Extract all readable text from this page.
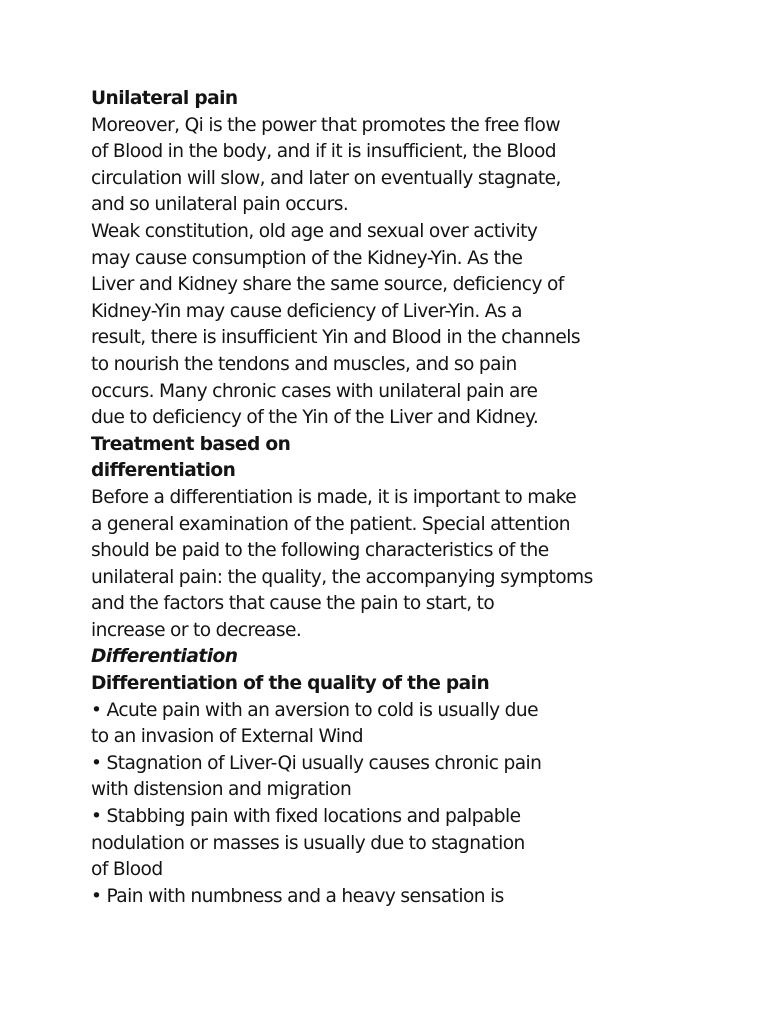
Unilateral pain
Moreover, Qi is the power that promotes the free flow
of Blood in the body, and if it is insufficient, the Blood
circulation will slow, and later on eventually stagnate,
and so unilateral pain occurs.
Weak constitution, old age and sexual over activity
may cause consumption of the Kidney-Yin. As the
Liver and Kidney share the same source, deficiency of
Kidney-Yin may cause deficiency of Liver-Yin. As a
result, there is insufficient Yin and Blood in the channels
to nourish the tendons and muscles, and so pain
occurs. Many chronic cases with unilateral pain are
due to deficiency of the Yin of the Liver and Kidney.
Treatment based on
differentiation
Before a differentiation is made, it is important to make
a general examination of the patient. Special attention
should be paid to the following characteristics of the
unilateral pain: the quality, the accompanying symptoms
and the factors that cause the pain to start, to
increase or to decrease.
Differentiation
Differentiation of the quality of the pain
• Acute pain with an aversion to cold is usually due
to an invasion of External Wind
• Stagnation of Liver-Qi usually causes chronic pain
with distension and migration
• Stabbing pain with fixed locations and palpable
nodulation or masses is usually due to stagnation
of Blood
• Pain with numbness and a heavy sensation is
